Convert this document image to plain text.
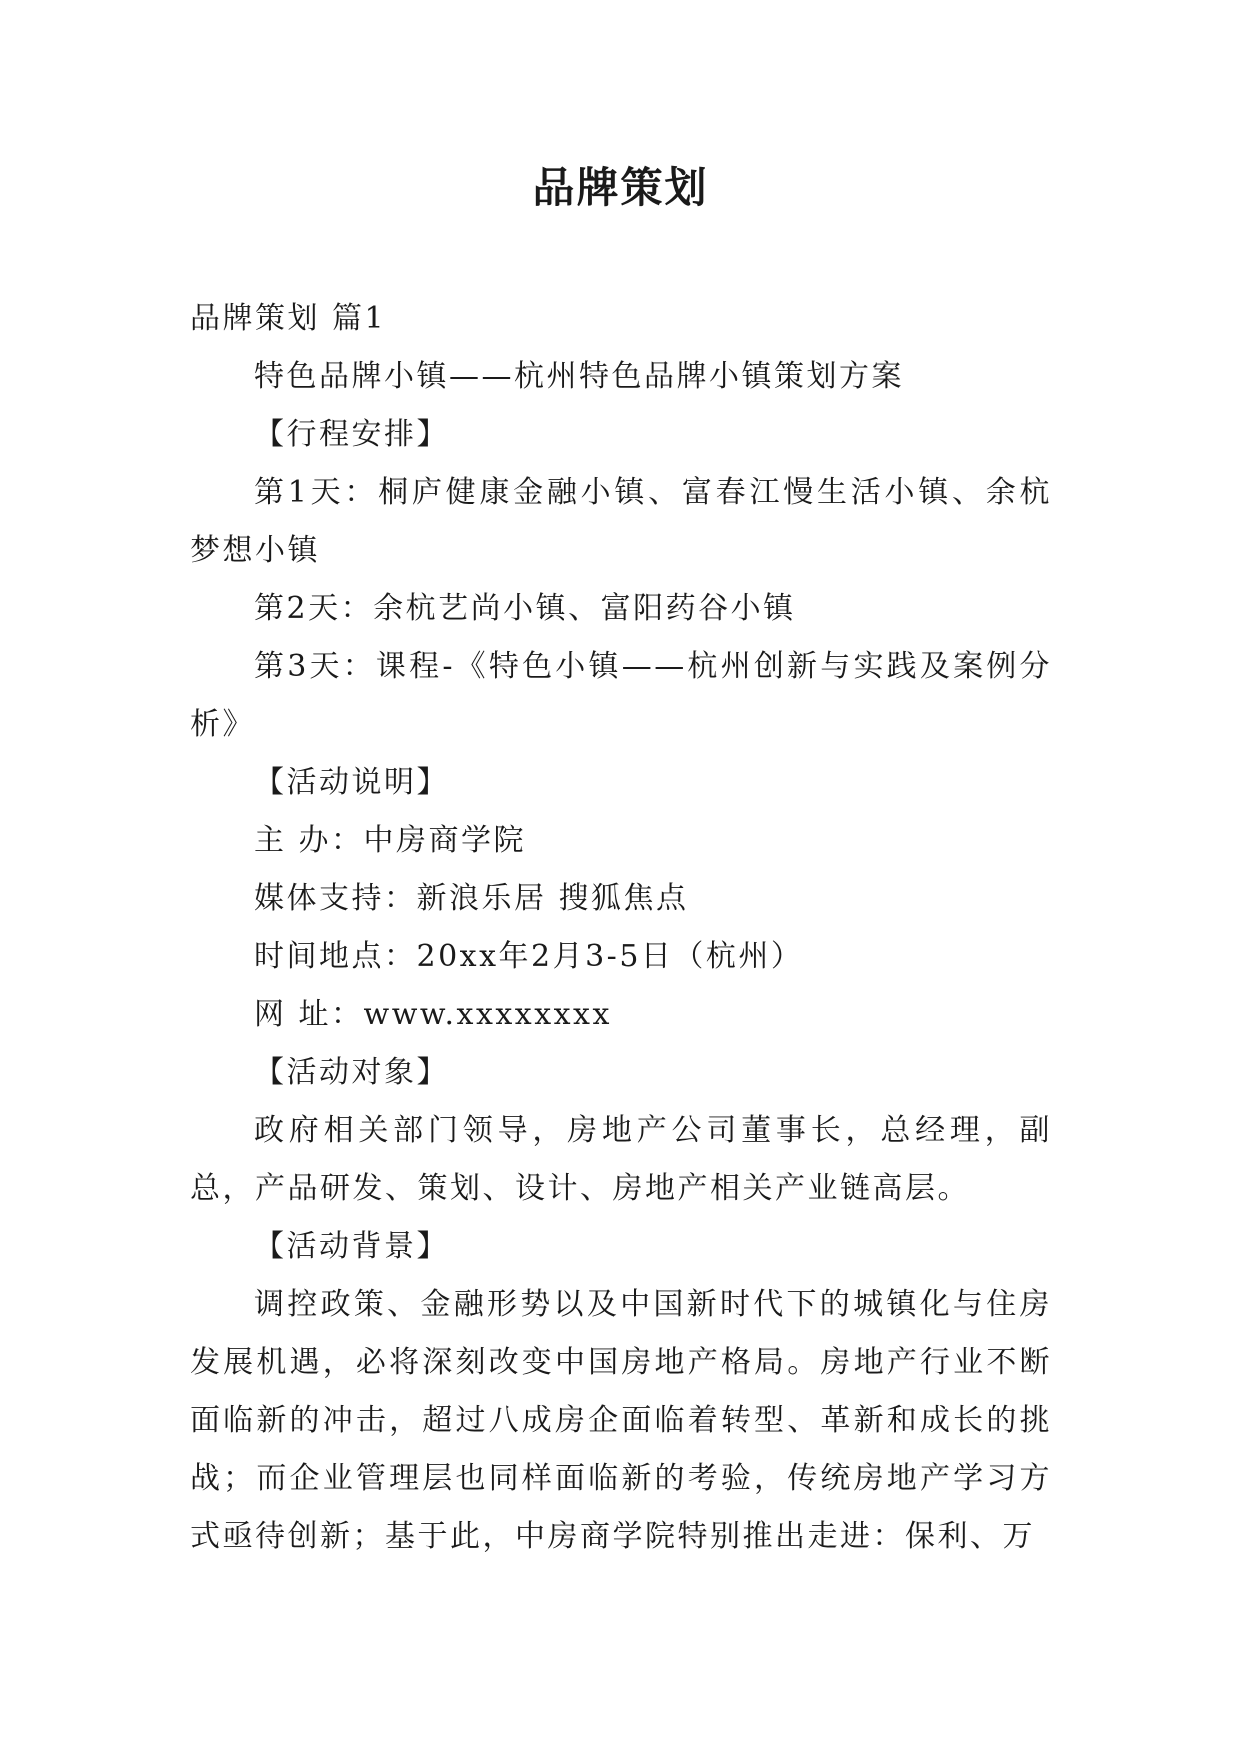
品牌策划

品牌策划 篇1

特色品牌小镇——杭州特色品牌小镇策划方案

【行程安排】

第1天：桐庐健康金融小镇、富春江慢生活小镇、余杭梦想小镇

第2天：余杭艺尚小镇、富阳药谷小镇

第3天：课程-《特色小镇——杭州创新与实践及案例分析》

【活动说明】

主 办：中房商学院

媒体支持：新浪乐居 搜狐焦点

时间地点：20xx年2月3-5日（杭州）

网 址：www.xxxxxxxx

【活动对象】

政府相关部门领导，房地产公司董事长，总经理，副总，产品研发、策划、设计、房地产相关产业链高层。

【活动背景】

调控政策、金融形势以及中国新时代下的城镇化与住房发展机遇，必将深刻改变中国房地产格局。房地产行业不断面临新的冲击，超过八成房企面临着转型、革新和成长的挑战；而企业管理层也同样面临新的考验，传统房地产学习方式亟待创新；基于此，中房商学院特别推出走进：保利、万
